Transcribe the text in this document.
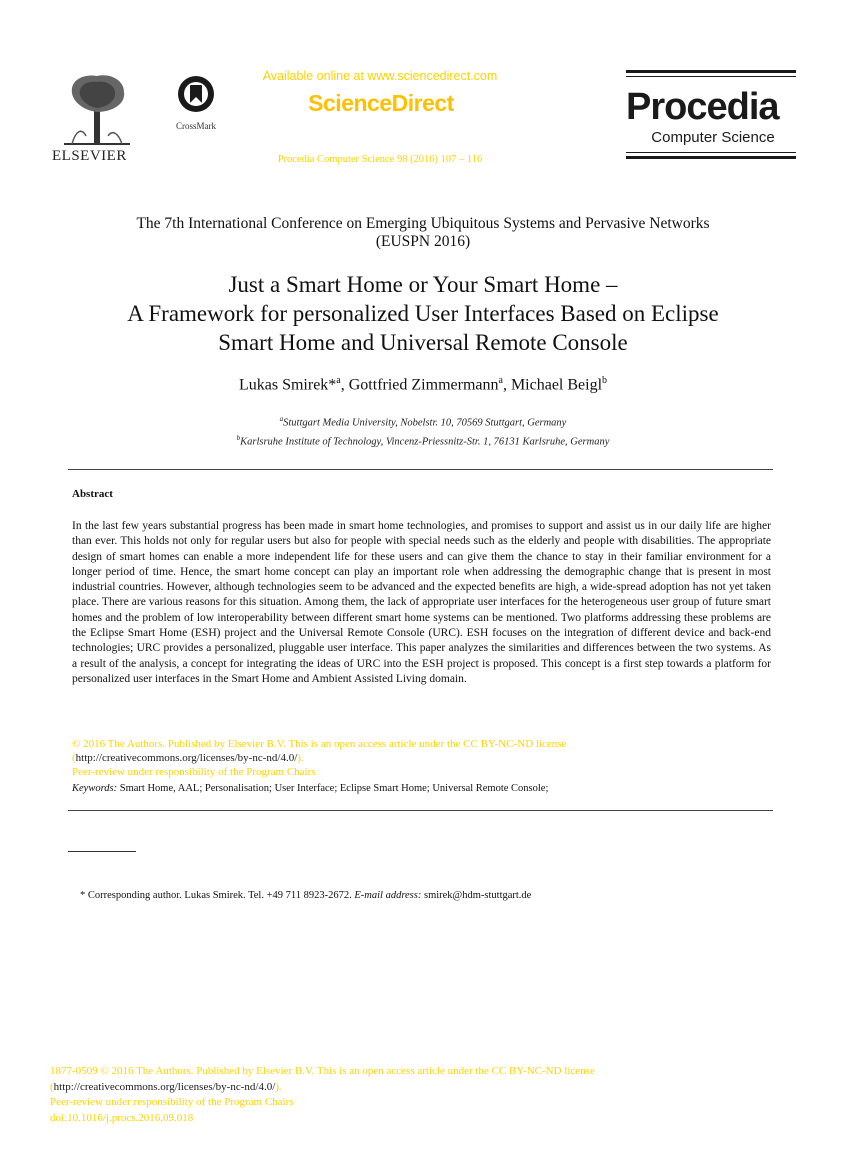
ELSEVIER
CrossMark
Available online at www.sciencedirect.com
ScienceDirect
Procedia Computer Science 98 (2016) 107 – 116
Procedia
Computer Science
The 7th International Conference on Emerging Ubiquitous Systems and Pervasive Networks
(EUSPN 2016)
Just a Smart Home or Your Smart Home –
A Framework for personalized User Interfaces Based on Eclipse
Smart Home and Universal Remote Console
Lukas Smirek*$^a$, Gottfried Zimmermann$^a$, Michael Beigl$^b$
$^a$Stuttgart Media University, Nobelstr. 10, 70569 Stuttgart, Germany
$^b$Karlsruhe Institute of Technology, Vincenz-Priessnitz-Str. 1, 76131 Karlsruhe, Germany
Abstract
In the last few years substantial progress has been made in smart home technologies, and promises to support and assist us in our daily life are higher than ever. This holds not only for regular users but also for people with special needs such as the elderly and people with disabilities. The appropriate design of smart homes can enable a more independent life for these users and can give them the chance to stay in their familiar environment for a longer period of time. Hence, the smart home concept can play an important role when addressing the demographic change that is present in most industrial countries. However, although technologies seem to be advanced and the expected benefits are high, a wide-spread adoption has not yet taken place. There are various reasons for this situation. Among them, the lack of appropriate user interfaces for the heterogeneous user group of future smart homes and the problem of low interoperability between different smart home systems can be mentioned. Two platforms addressing these problems are the Eclipse Smart Home (ESH) project and the Universal Remote Console (URC). ESH focuses on the integration of different device and back-end technologies; URC provides a personalized, pluggable user interface. This paper analyzes the similarities and differences between the two systems. As a result of the analysis, a concept for integrating the ideas of URC into the ESH project is proposed. This concept is a first step towards a platform for personalized user interfaces in the Smart Home and Ambient Assisted Living domain.
© 2016 The Authors. Published by Elsevier B.V. This is an open access article under the CC BY-NC-ND license
(http://creativecommons.org/licenses/by-nc-nd/4.0/).
Peer-review under responsibility of the Program Chairs
Keywords: Smart Home, AAL; Personalisation; User Interface; Eclipse Smart Home; Universal Remote Console;
* Corresponding author. Lukas Smirek. Tel. +49 711 8923-2672. E-mail address: smirek@hdm-stuttgart.de
1877-0509 © 2016 The Authors. Published by Elsevier B.V. This is an open access article under the CC BY-NC-ND license
(http://creativecommons.org/licenses/by-nc-nd/4.0/).
Peer-review under responsibility of the Program Chairs
doi:10.1016/j.procs.2016.09.018
